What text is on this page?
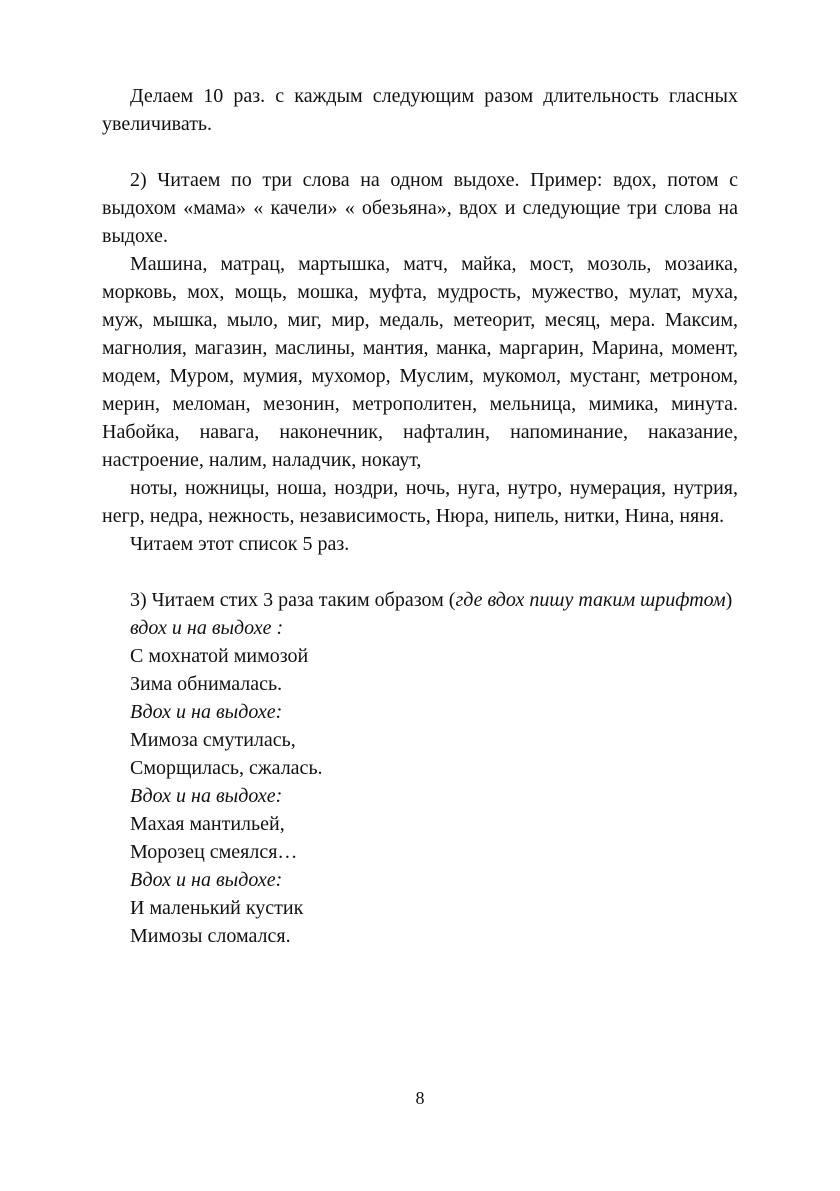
Делаем 10 раз. с каждым следующим разом длительность гласных увеличивать.

2) Читаем по три слова на одном выдохе. Пример: вдох, потом с выдохом «мама» « качели» « обезьяна», вдох и следующие три слова на выдохе.

Машина, матрац, мартышка, матч, майка, мост, мозоль, мозаика, морковь, мох, мощь, мошка, муфта, мудрость, мужество, мулат, муха, муж, мышка, мыло, миг, мир, медаль, метеорит, месяц, мера. Максим, магнолия, магазин, маслины, мантия, манка, маргарин, Марина, момент, модем, Муром, мумия, мухомор, Муслим, мукомол, мустанг, метроном, мерин, меломан, мезонин, метрополитен, мельница, мимика, минута. Набойка, навага, наконечник, нафталин, напоминание, наказание, настроение, налим, наладчик, нокаут,

ноты, ножницы, ноша, ноздри, ночь, нуга, нутро, нумерация, нутрия, негр, недра, нежность, независимость, Нюра, нипель, нитки, Нина, няня.

Читаем этот список 5 раз.

3) Читаем стих 3 раза таким образом (где вдох пишу таким шрифтом)

вдох и на выдохе :

С мохнатой мимозой

Зима обнималась.

Вдох и на выдохе:

Мимоза смутилась,

Сморщилась, сжалась.

Вдох и на выдохе:

Махая мантильей,

Морозец смеялся…

Вдох и на выдохе:

И маленький кустик

Мимозы сломался.

8
